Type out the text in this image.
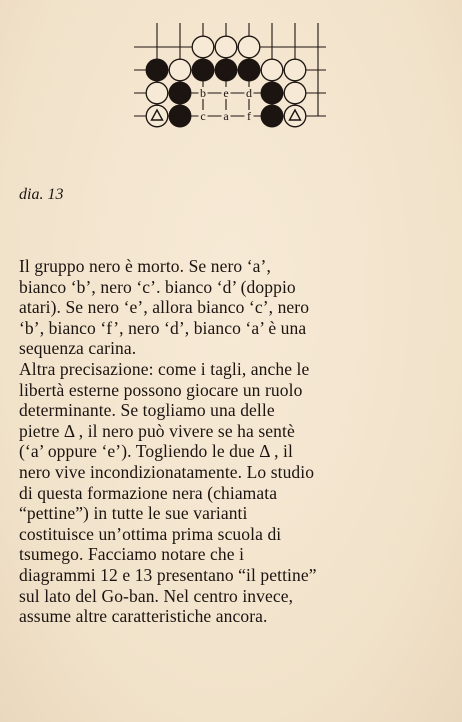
b e d
c a f
dia. 13
Il gruppo nero è morto. Se nero ‘a’,
bianco ‘b’, nero ‘c’. bianco ‘d’ (doppio
atari). Se nero ‘e’, allora bianco ‘c’, nero
‘b’, bianco ‘f’, nero ‘d’, bianco ‘a’ è una
sequenza carina.
Altra precisazione: come i tagli, anche le
libertà esterne possono giocare un ruolo
determinante. Se togliamo una delle
pietre Δ , il nero può vivere se ha sentè
(‘a’ oppure ‘e’). Togliendo le due Δ , il
nero vive incondizionatamente. Lo studio
di questa formazione nera (chiamata
“pettine”) in tutte le sue varianti
costituisce un’ottima prima scuola di
tsumego. Facciamo notare che i
diagrammi 12 e 13 presentano “il pettine”
sul lato del Go-ban. Nel centro invece,
assume altre caratteristiche ancora.
